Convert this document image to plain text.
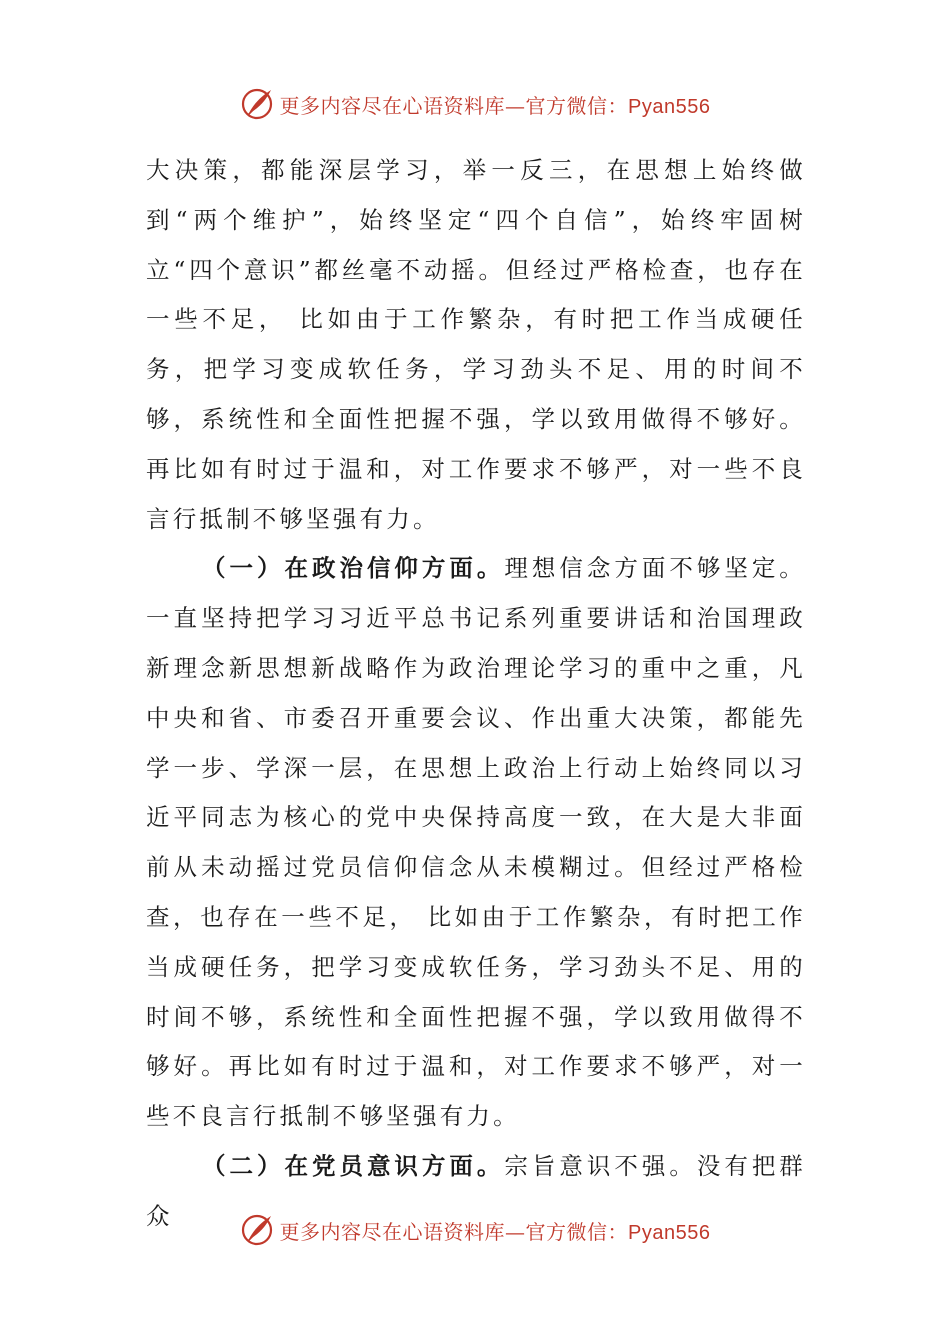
更多内容尽在心语资料库—官方微信：Pyan556

大决策，都能深层学习，举一反三，在思想上始终做到“两个维护”，始终坚定“四个自信”，始终牢固树立“四个意识”都丝毫不动摇。但经过严格检查，也存在一些不足， 比如由于工作繁杂，有时把工作当成硬任务，把学习变成软任务，学习劲头不足、用的时间不够，系统性和全面性把握不强，学以致用做得不够好。再比如有时过于温和，对工作要求不够严，对一些不良言行抵制不够坚强有力。

（一）在政治信仰方面。理想信念方面不够坚定。一直坚持把学习习近平总书记系列重要讲话和治国理政新理念新思想新战略作为政治理论学习的重中之重，凡中央和省、市委召开重要会议、作出重大决策，都能先学一步、学深一层，在思想上政治上行动上始终同以习近平同志为核心的党中央保持高度一致，在大是大非面前从未动摇过党员信仰信念从未模糊过。但经过严格检查，也存在一些不足， 比如由于工作繁杂，有时把工作当成硬任务，把学习变成软任务，学习劲头不足、用的时间不够，系统性和全面性把握不强，学以致用做得不够好。再比如有时过于温和，对工作要求不够严，对一些不良言行抵制不够坚强有力。

（二）在党员意识方面。宗旨意识不强。没有把群众

更多内容尽在心语资料库—官方微信：Pyan556
